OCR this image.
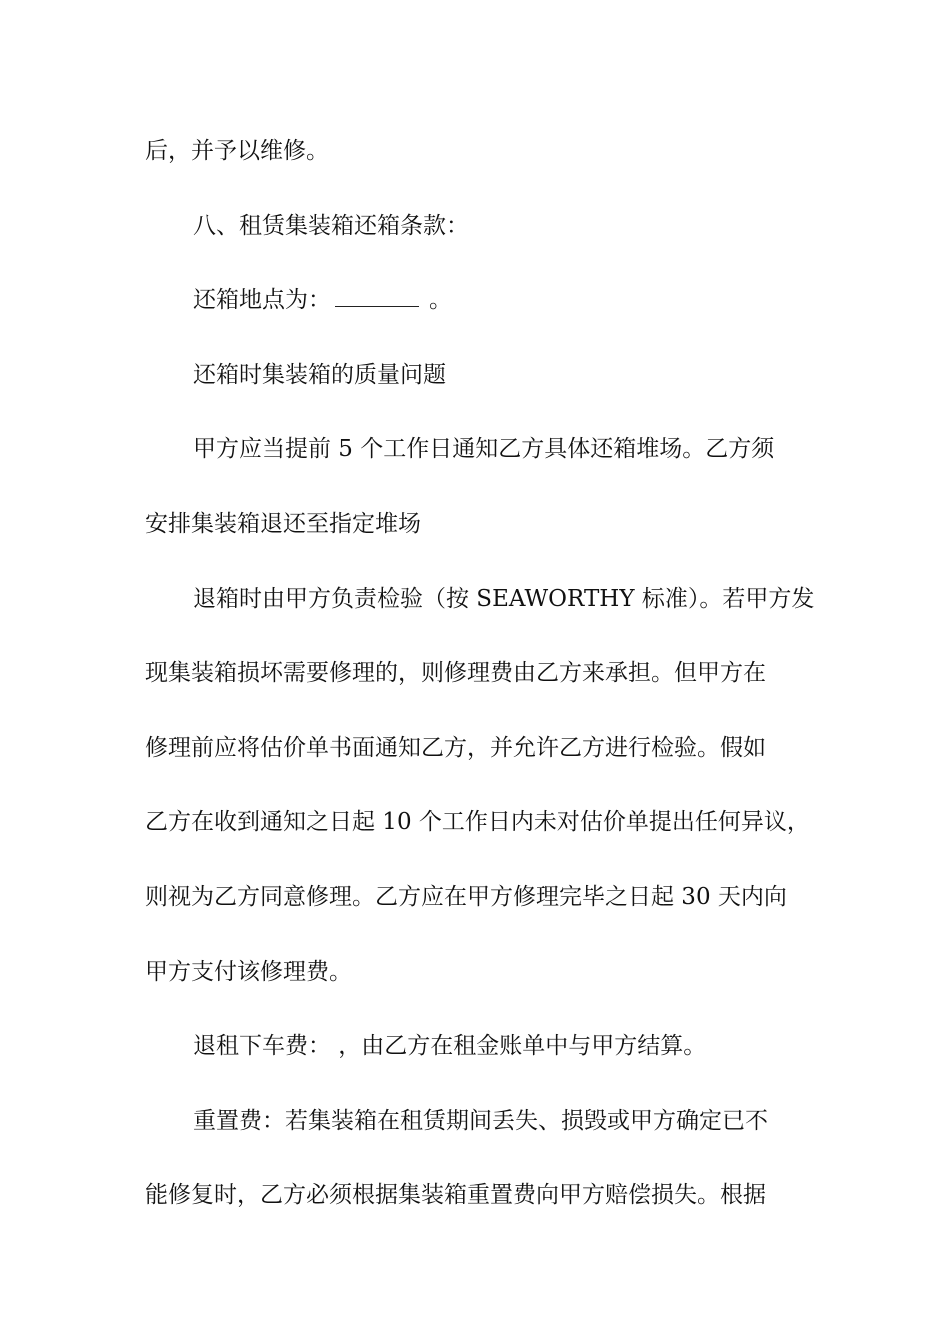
后，并予以维修。

八、租赁集装箱还箱条款：

还箱地点为：	。

还箱时集装箱的质量问题

甲方应当提前 5 个工作日通知乙方具体还箱堆场。乙方须

安排集装箱退还至指定堆场

退箱时由甲方负责检验（按 SEAWORTHY 标准）。若甲方发

现集装箱损坏需要修理的，则修理费由乙方来承担。但甲方在

修理前应将估价单书面通知乙方，并允许乙方进行检验。假如

乙方在收到通知之日起 10 个工作日内未对估价单提出任何异议，

则视为乙方同意修理。乙方应在甲方修理完毕之日起 30 天内向

甲方支付该修理费。

退租下车费： ，由乙方在租金账单中与甲方结算。

重置费：若集装箱在租赁期间丢失、损毁或甲方确定已不

能修复时，乙方必须根据集装箱重置费向甲方赔偿损失。根据
